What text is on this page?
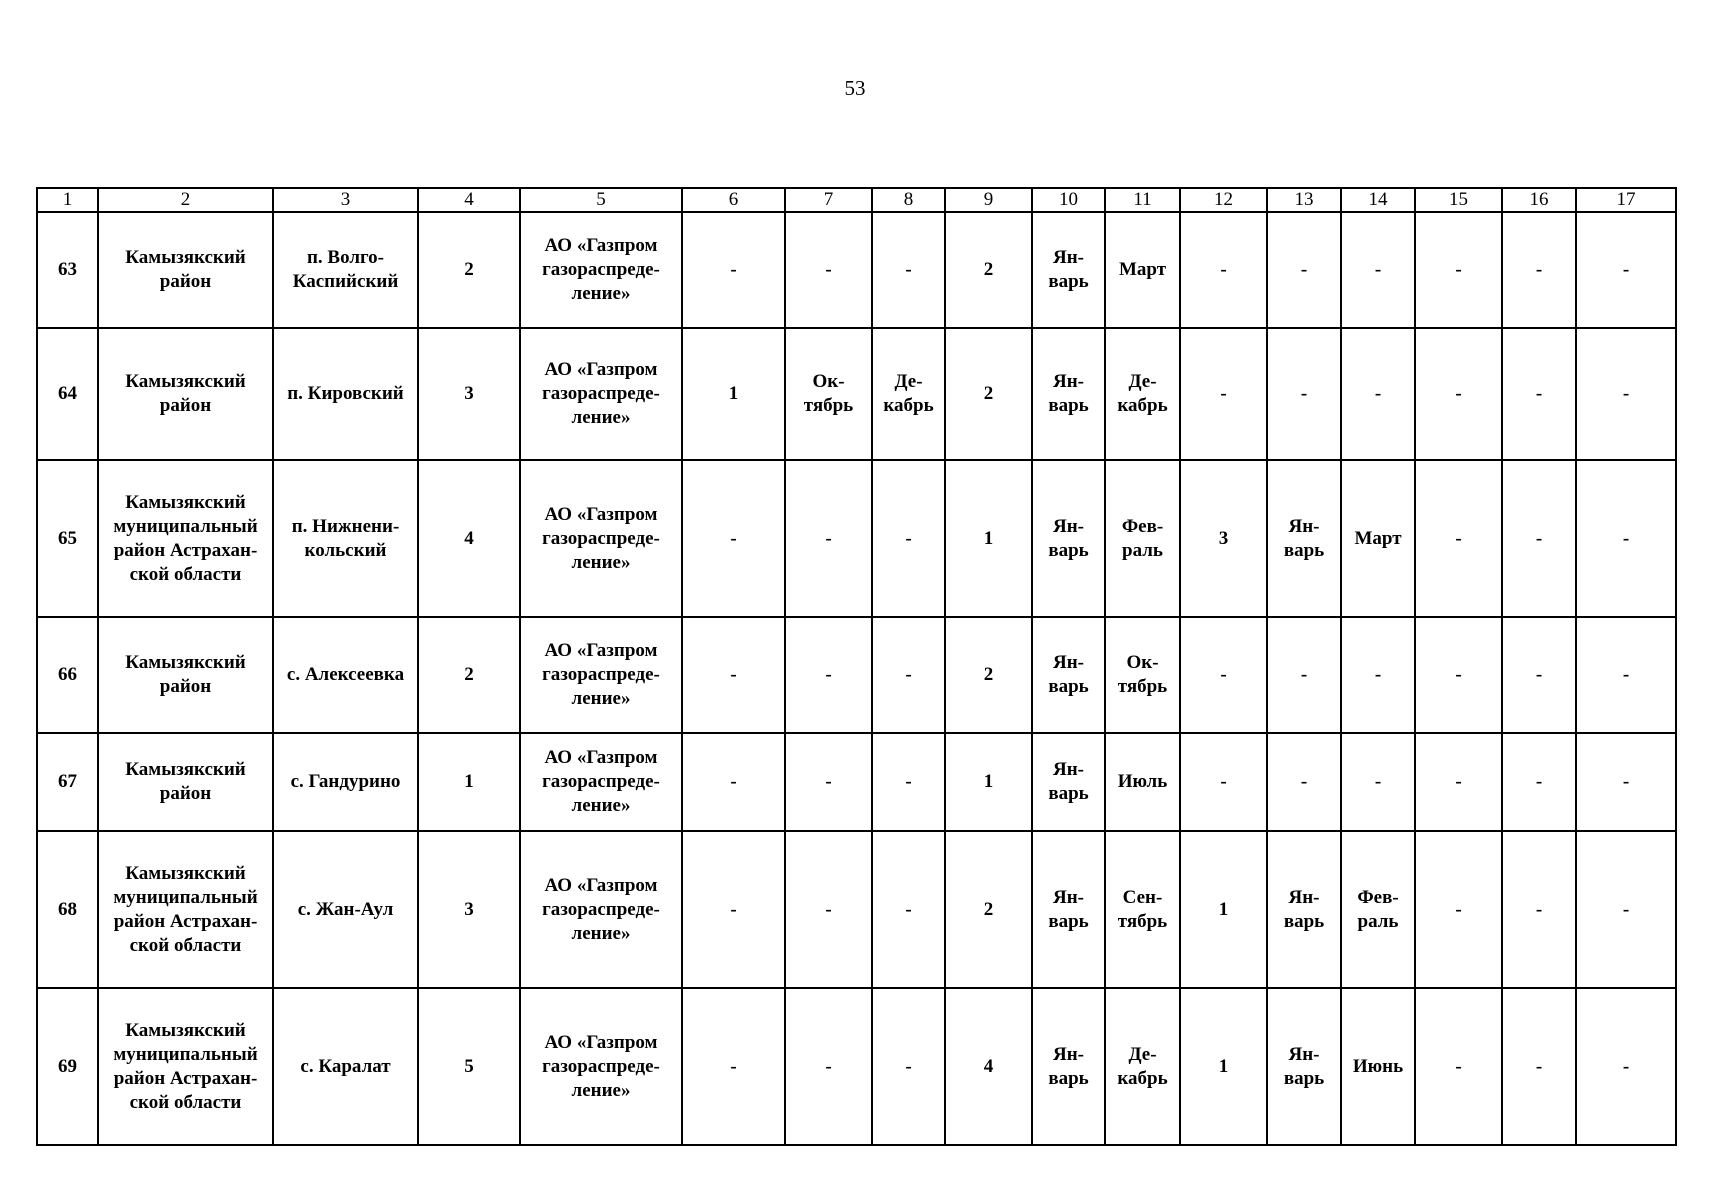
53
1	2	3	4	5	6	7	8	9	10	11	12	13	14	15	16	17
63	Камызякский район	п. Волго-Каспийский	2	АО «Газпром газораспреде-ление»	-	-	-	2	Ян-варь	Март	-	-	-	-	-	-
64	Камызякский район	п. Кировский	3	АО «Газпром газораспреде-ление»	1	Ок-тябрь	Де-кабрь	2	Ян-варь	Де-кабрь	-	-	-	-	-	-
65	Камызякский муниципальный район Астрахан-ской области	п. Нижнени-кольский	4	АО «Газпром газораспреде-ление»	-	-	-	1	Ян-варь	Фев-раль	3	Ян-варь	Март	-	-	-
66	Камызякский район	с. Алексеевка	2	АО «Газпром газораспреде-ление»	-	-	-	2	Ян-варь	Ок-тябрь	-	-	-	-	-	-
67	Камызякский район	с. Гандурино	1	АО «Газпром газораспреде-ление»	-	-	-	1	Ян-варь	Июль	-	-	-	-	-	-
68	Камызякский муниципальный район Астрахан-ской области	с. Жан-Аул	3	АО «Газпром газораспреде-ление»	-	-	-	2	Ян-варь	Сен-тябрь	1	Ян-варь	Фев-раль	-	-	-
69	Камызякский муниципальный район Астрахан-ской области	с. Каралат	5	АО «Газпром газораспреде-ление»	-	-	-	4	Ян-варь	Де-кабрь	1	Ян-варь	Июнь	-	-	-
